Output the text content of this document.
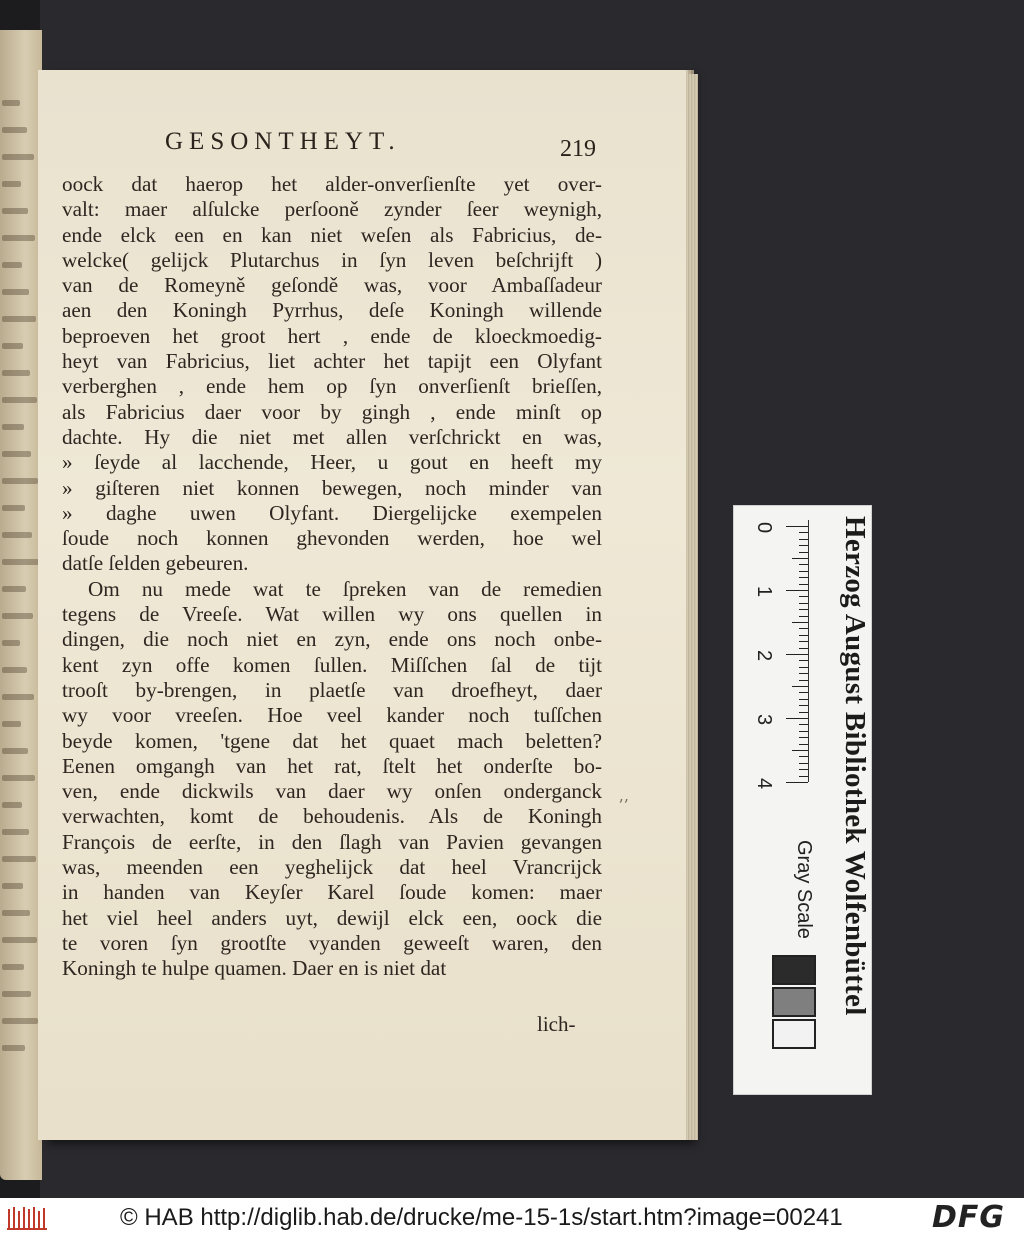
GESONTHEYT.	219
oock dat haerop het alder-onverſienſte yet over-
valt: maer alſulcke perſooně zynder ſeer weynigh,
ende elck een en kan niet weſen als Fabricius, de-
welcke( gelijck Plutarchus in ſyn leven beſchrijft )
van de Romeyně geſondě was, voor Ambaſſadeur
aen den Koningh Pyrrhus, deſe Koningh willende
beproeven het groot hert , ende de kloeckmoedig-
heyt van Fabricius, liet achter het tapijt een Olyfant
verberghen , ende hem op ſyn onverſienſt brieſſen,
als Fabricius daer voor by gingh , ende minſt op
dachte. Hy die niet met allen verſchrickt en was,
» ſeyde al lacchende, Heer, u gout en heeft my
» giſteren niet konnen bewegen, noch minder van
» daghe uwen Olyfant. Diergelijcke exempelen
ſoude noch konnen ghevonden werden, hoe wel
datſe ſelden gebeuren.
Om nu mede wat te ſpreken van de remedien
tegens de Vreeſe. Wat willen wy ons quellen in
dingen, die noch niet en zyn, ende ons noch onbe-
kent zyn offe komen ſullen. Miſſchen ſal de tijt
trooſt by-brengen, in plaetſe van droefheyt, daer
wy voor vreeſen. Hoe veel kander noch tuſſchen
beyde komen, 'tgene dat het quaet mach beletten?
Eenen omgangh van het rat, ſtelt het onderſte bo-
ven, ende dickwils van daer wy onſen onderganck
verwachten, komt de behoudenis. Als de Koningh
François de eerſte, in den ſlagh van Pavien gevangen
was, meenden een yeghelijck dat heel Vrancrijck
in handen van Keyſer Karel ſoude komen: maer
het viel heel anders uyt, dewijl elck een, oock die
te voren ſyn grootſte vyanden geweeſt waren, den
Koningh te hulpe quamen. Daer en is niet dat
lich-
ʼʼ
0
1
2
3
4 Herzog August Bibliothek Wolfenbüttel
Gray Scale
© HAB http://diglib.hab.de/drucke/me-15-1s/start.htm?image=00241	DFG
